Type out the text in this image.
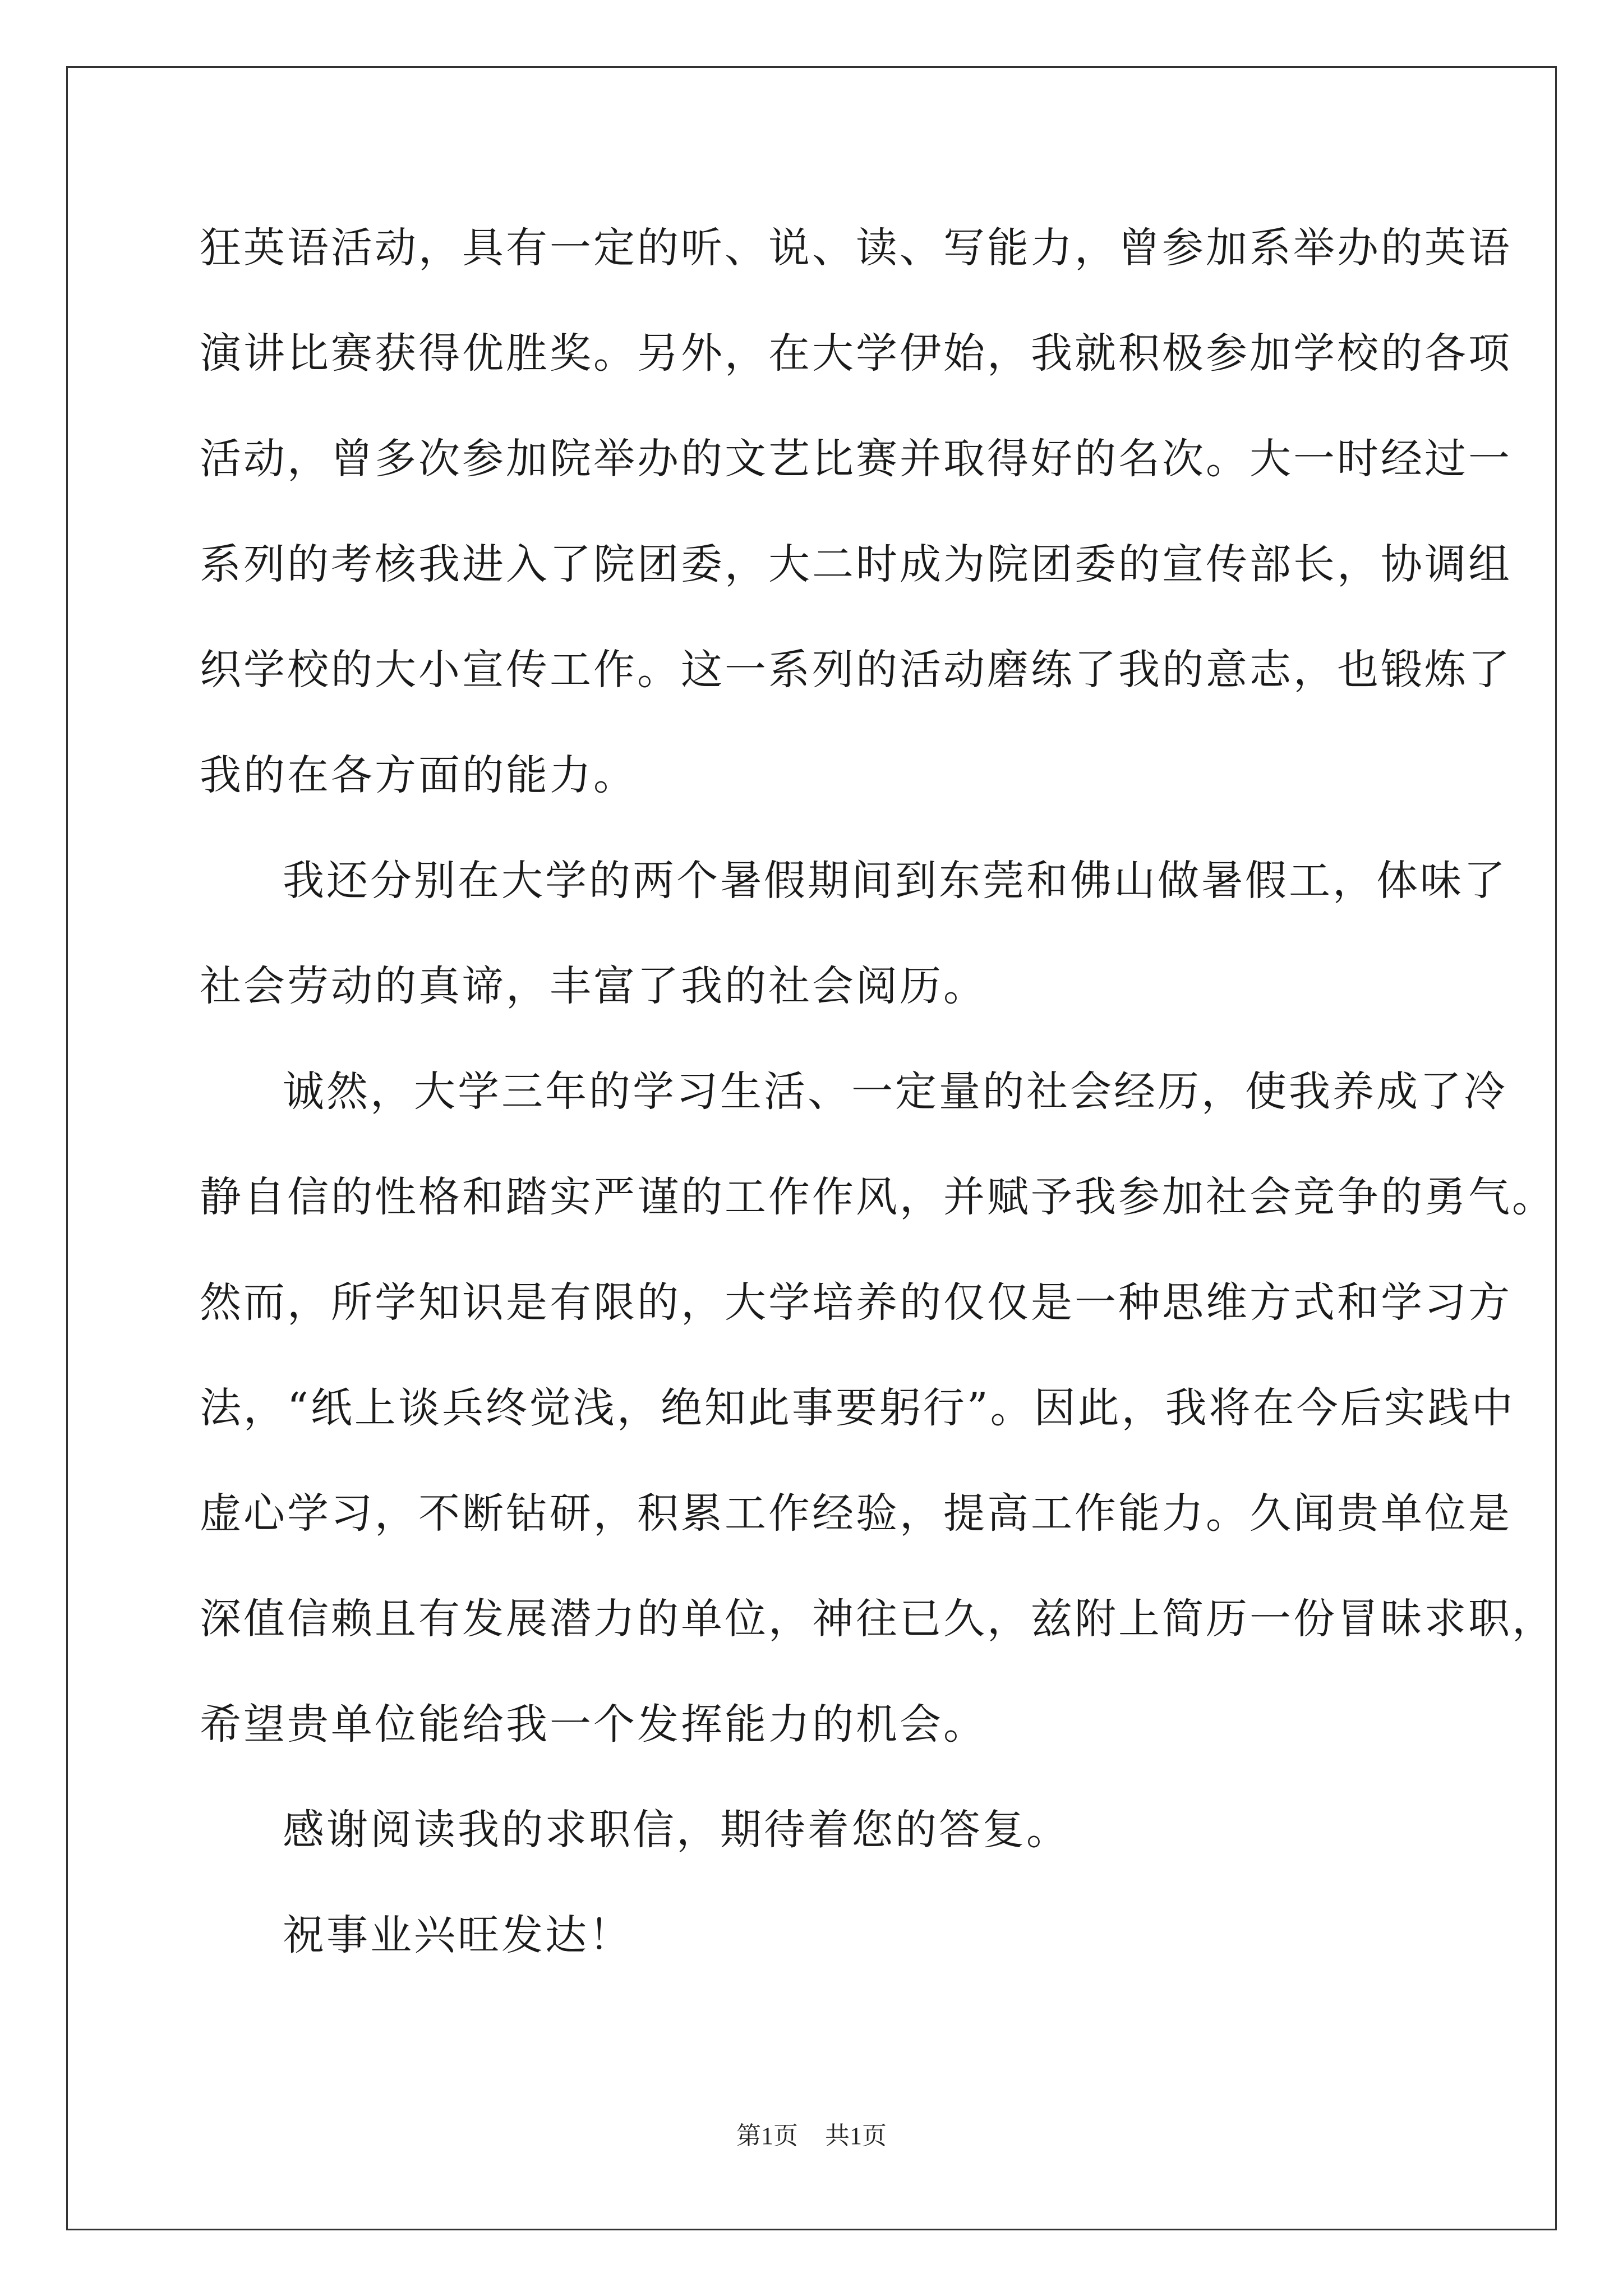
狂英语活动，具有一定的听、说、读、写能力，曾参加系举办的英语
演讲比赛获得优胜奖。另外，在大学伊始，我就积极参加学校的各项
活动，曾多次参加院举办的文艺比赛并取得好的名次。大一时经过一
系列的考核我进入了院团委，大二时成为院团委的宣传部长，协调组
织学校的大小宣传工作。这一系列的活动磨练了我的意志，也锻炼了
我的在各方面的能力。
我还分别在大学的两个暑假期间到东莞和佛山做暑假工，体味了
社会劳动的真谛，丰富了我的社会阅历。
诚然，大学三年的学习生活、一定量的社会经历，使我养成了冷
静自信的性格和踏实严谨的工作作风，并赋予我参加社会竞争的勇气。
然而，所学知识是有限的，大学培养的仅仅是一种思维方式和学习方
法，“纸上谈兵终觉浅，绝知此事要躬行”。因此，我将在今后实践中
虚心学习，不断钻研，积累工作经验，提高工作能力。久闻贵单位是
深值信赖且有发展潜力的单位，神往已久，兹附上简历一份冒昧求职，
希望贵单位能给我一个发挥能力的机会。
感谢阅读我的求职信，期待着您的答复。
祝事业兴旺发达！
第1页 共1页
